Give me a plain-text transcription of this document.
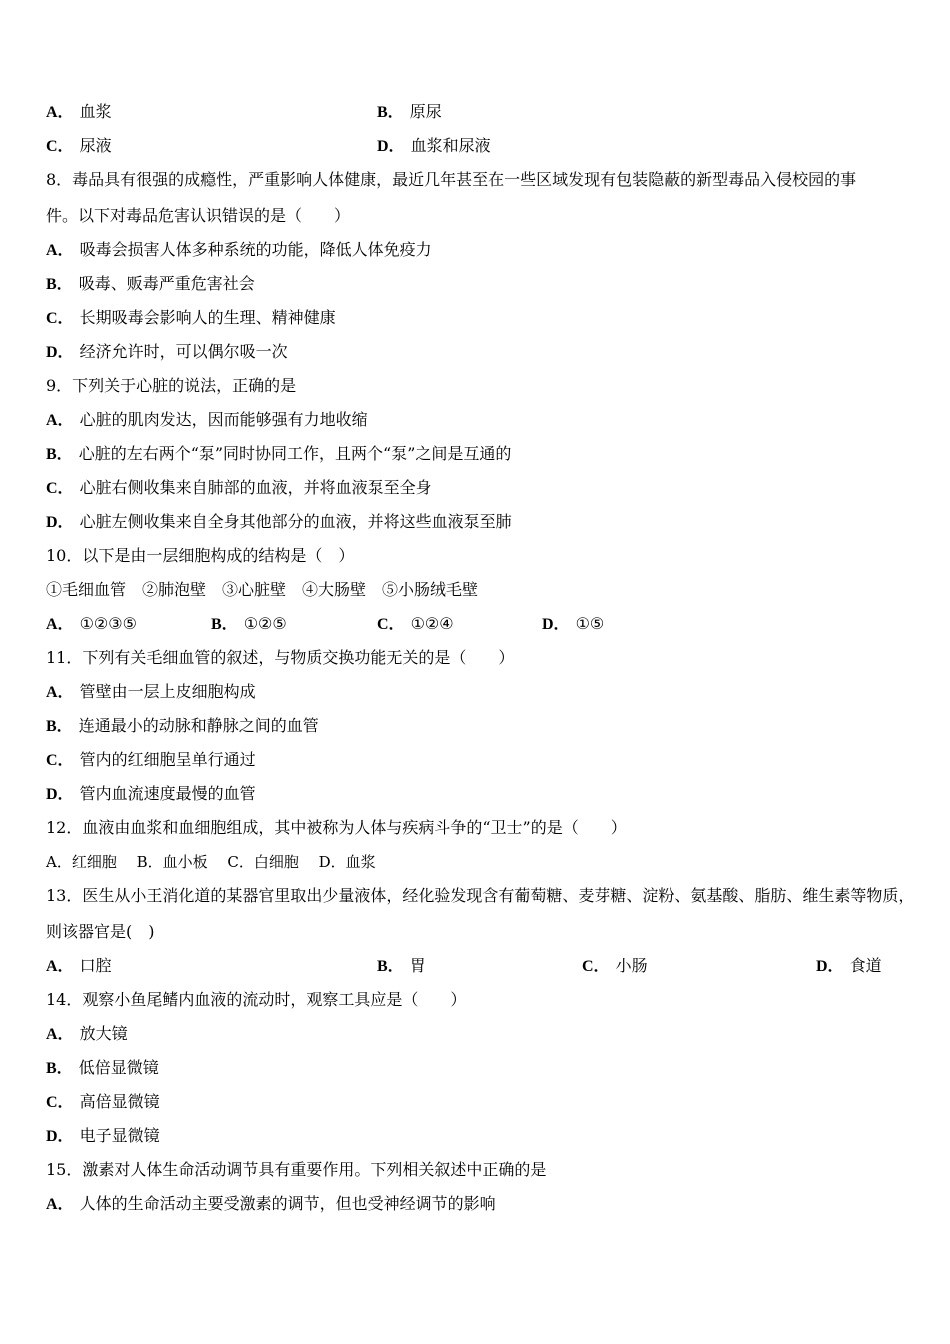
A． 血浆	B． 原尿
C． 尿液	D． 血浆和尿液
8．毒品具有很强的成瘾性，严重影响人体健康，最近几年甚至在一些区域发现有包装隐蔽的新型毒品入侵校园的事
件。以下对毒品危害认识错误的是（　　）
A． 吸毒会损害人体多种系统的功能，降低人体免疫力
B． 吸毒、贩毒严重危害社会
C． 长期吸毒会影响人的生理、精神健康
D． 经济允许时，可以偶尔吸一次
9．下列关于心脏的说法，正确的是
A． 心脏的肌肉发达，因而能够强有力地收缩
B． 心脏的左右两个“泵”同时协同工作，且两个“泵”之间是互通的
C． 心脏右侧收集来自肺部的血液，并将血液泵至全身
D． 心脏左侧收集来自全身其他部分的血液，并将这些血液泵至肺
10．以下是由一层细胞构成的结构是（　）
①毛细血管　②肺泡壁　③心脏壁　④大肠壁　⑤小肠绒毛壁
A． ①②③⑤	B． ①②⑤	C． ①②④	D． ①⑤
11．下列有关毛细血管的叙述，与物质交换功能无关的是（　　）
A． 管壁由一层上皮细胞构成
B． 连通最小的动脉和静脉之间的血管
C． 管内的红细胞呈单行通过
D． 管内血流速度最慢的血管
12．血液由血浆和血细胞组成，其中被称为人体与疾病斗争的“卫士”的是（　　）
A．红细胞　 B．血小板　 C．白细胞　 D．血浆
13．医生从小王消化道的某器官里取出少量液体，经化验发现含有葡萄糖、麦芽糖、淀粉、氨基酸、脂肪、维生素等物质，
则该器官是(　)
A． 口腔	B． 胃	C． 小肠	D． 食道
14．观察小鱼尾鳍内血液的流动时，观察工具应是（　　）
A． 放大镜
B． 低倍显微镜
C． 高倍显微镜
D． 电子显微镜
15．激素对人体生命活动调节具有重要作用。下列相关叙述中正确的是
A． 人体的生命活动主要受激素的调节，但也受神经调节的影响
